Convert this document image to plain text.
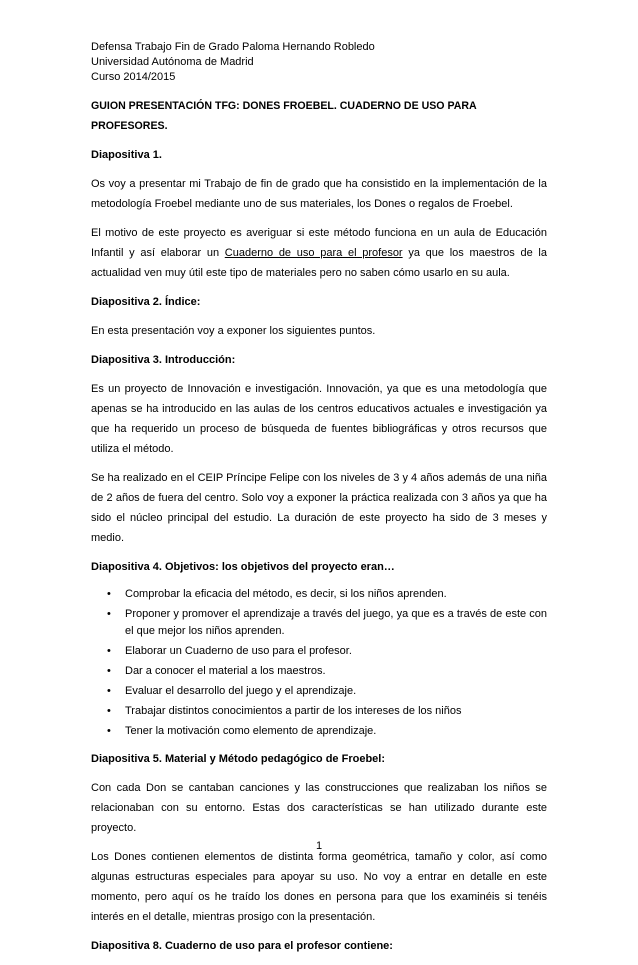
Defensa Trabajo Fin de Grado Paloma Hernando Robledo
Universidad Autónoma de Madrid
Curso 2014/2015
GUION PRESENTACIÓN TFG: DONES FROEBEL. CUADERNO DE USO PARA PROFESORES.
Diapositiva 1.

Os voy a presentar mi Trabajo de fin de grado que ha consistido en la implementación de la metodología Froebel mediante uno de sus materiales, los Dones o regalos de Froebel.

El motivo de este proyecto es averiguar si este método funciona en un aula de Educación Infantil y así elaborar un Cuaderno de uso para el profesor ya que los maestros de la actualidad ven muy útil este tipo de materiales pero no saben cómo usarlo en su aula.

Diapositiva 2. Índice:

En esta presentación voy a exponer los siguientes puntos.

Diapositiva 3. Introducción:

Es un proyecto de Innovación e investigación. Innovación, ya que es una metodología que apenas se ha introducido en las aulas de los centros educativos actuales e investigación ya que ha requerido un proceso de búsqueda de fuentes bibliográficas y otros recursos que utiliza el método.

Se ha realizado en el CEIP Príncipe Felipe con los niveles de 3 y 4 años además de una niña de 2 años de fuera del centro. Solo voy a exponer la práctica realizada con 3 años ya que ha sido el núcleo principal del estudio. La duración de este proyecto ha sido de 3 meses y medio.

Diapositiva 4. Objetivos: los objetivos del proyecto eran…
• Comprobar la eficacia del método, es decir, si los niños aprenden.
• Proponer y promover el aprendizaje a través del juego, ya que es a través de este con el que mejor los niños aprenden.
• Elaborar un Cuaderno de uso para el profesor.
• Dar a conocer el material a los maestros.
• Evaluar el desarrollo del juego y el aprendizaje.
• Trabajar distintos conocimientos a partir de los intereses de los niños
• Tener la motivación como elemento de aprendizaje.
Diapositiva 5. Material y Método pedagógico de Froebel:

Con cada Don se cantaban canciones y las construcciones que realizaban los niños se relacionaban con su entorno. Estas dos características se han utilizado durante este proyecto.

Los Dones contienen elementos de distinta forma geométrica, tamaño y color, así como algunas estructuras especiales para apoyar su uso. No voy a entrar en detalle en este momento, pero aquí os he traído los dones en persona para que los examinéis si tenéis interés en el detalle, mientras prosigo con la presentación.

Diapositiva 8. Cuaderno de uso para el profesor contiene:
1
